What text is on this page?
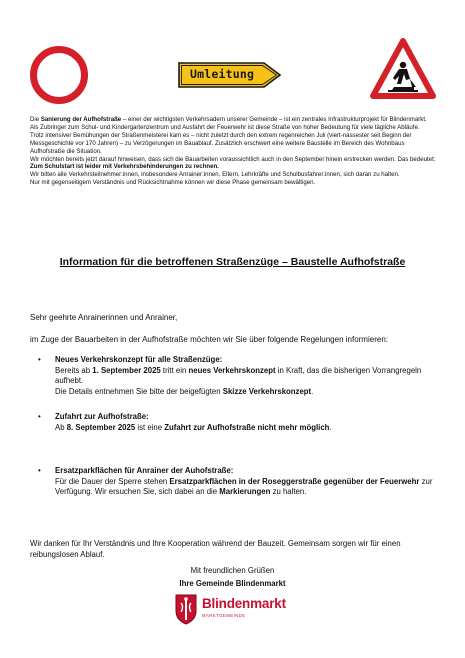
Umleitung

Die Sanierung der Aufhofstraße – einer der wichtigsten Verkehrsadern unserer Gemeinde – ist ein zentrales Infrastrukturprojekt für Blindenmarkt. Als Zubringer zum Schul- und Kindergartenzentrum und Ausfahrt der Feuerwehr ist diese Straße von hoher Bedeutung für viele tägliche Abläufe.

Trotz intensiver Bemühungen der Straßenmeisterei kam es – nicht zuletzt durch den extrem regenreichen Juli (viert-nassester seit Beginn der Messgeschichte vor 170 Jahren) – zu Verzögerungen im Bauablauf. Zusätzlich erschwert eine weitere Baustelle im Bereich des Wohnbaus Aufhofstraße die Situation.

Wir möchten bereits jetzt darauf hinweisen, dass sich die Bauarbeiten voraussichtlich auch in den September hinein erstrecken werden. Das bedeutet: Zum Schulstart ist leider mit Verkehrsbehinderungen zu rechnen.

Wir bitten alle Verkehrsteilnehmer:innen, insbesondere Anrainer:innen, Eltern, Lehrkräfte und Schulbusfahrer:innen, sich daran zu halten.

Nur mit gegenseitigem Verständnis und Rücksichtnahme können wir diese Phase gemeinsam bewältigen.

Information für die betroffenen Straßenzüge – Baustelle Aufhofstraße
Sehr geehrte Anrainerinnen und Anrainer,
im Zuge der Bauarbeiten in der Aufhofstraße möchten wir Sie über folgende Regelungen informieren:
• Neues Verkehrskonzept für alle Straßenzüge:
Bereits ab 1. September 2025 tritt ein neues Verkehrskonzept in Kraft, das die bisherigen Vorrangregeln aufhebt.
Die Details entnehmen Sie bitte der beigefügten Skizze Verkehrskonzept.
• Zufahrt zur Aufhofstraße:
Ab 8. September 2025 ist eine Zufahrt zur Aufhofstraße nicht mehr möglich.
• Ersatzparkflächen für Anrainer der Auhofstraße:
Für die Dauer der Sperre stehen Ersatzparkflächen in der Roseggerstraße gegenüber der Feuerwehr zur Verfügung. Wir ersuchen Sie, sich dabei an die Markierungen zu halten.
Wir danken für Ihr Verständnis und Ihre Kooperation während der Bauzeit. Gemeinsam sorgen wir für einen reibungslosen Ablauf.
Mit freundlichen Grüßen
Ihre Gemeinde Blindenmarkt
Blindenmarkt
MARKTGEMEINDE
